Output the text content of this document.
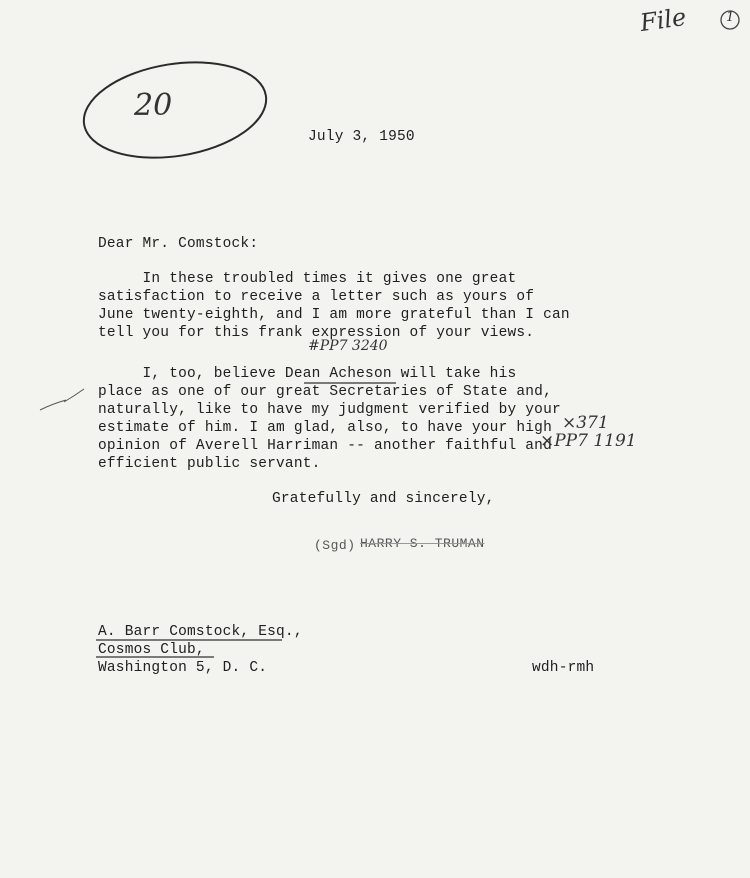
20
File	1
July 3, 1950
Dear Mr. Comstock:
In these troubled times it gives one great
satisfaction to receive a letter such as yours of
June twenty-eighth, and I am more grateful than I can
tell you for this frank expression of your views.
#PP7 3240
I, too, believe Dean Acheson will take his
place as one of our great Secretaries of State and,
naturally, like to have my judgment verified by your
estimate of him. I am glad, also, to have your high
opinion of Averell Harriman -- another faithful and
efficient public servant.
×371
×PP7 1191
Gratefully and sincerely,
(Sgd) HARRY S. TRUMAN
A. Barr Comstock, Esq.,
Cosmos Club,
Washington 5, D. C.	wdh-rmh
